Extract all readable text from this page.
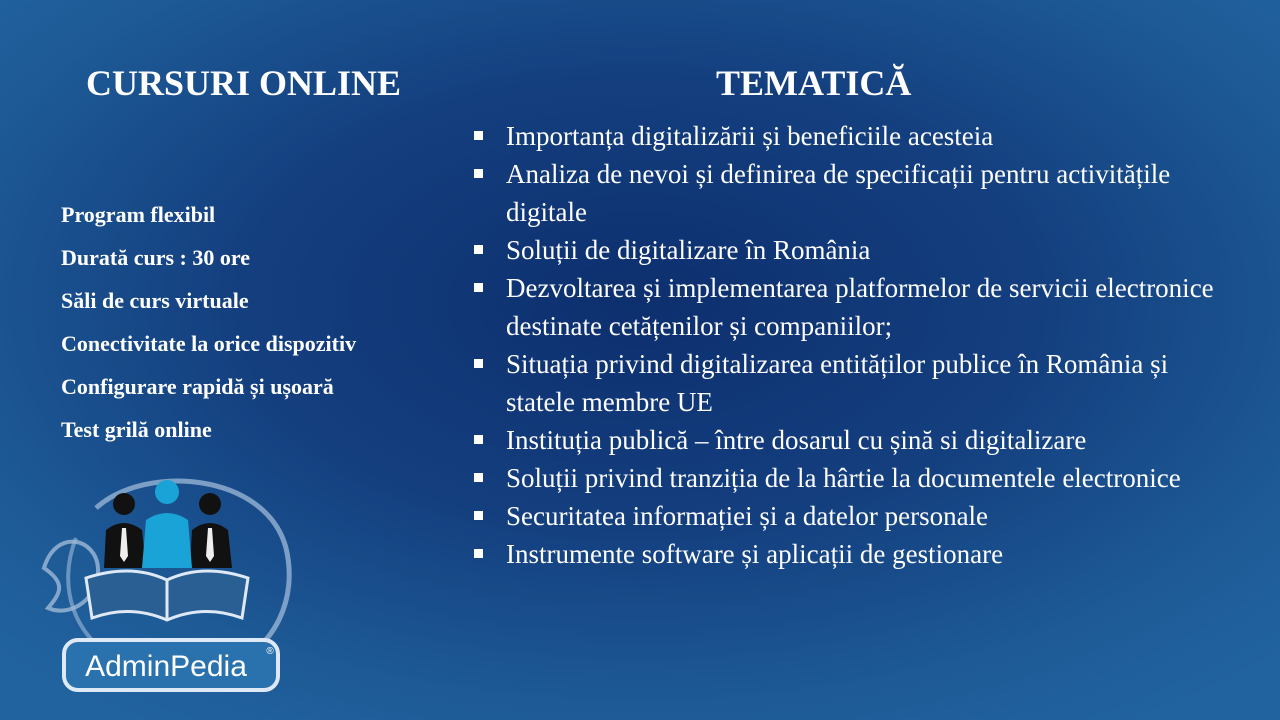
CURSURI ONLINE	TEMATICĂ
Program flexibil
Durată curs : 30 ore
Săli de curs virtuale
Conectivitate la orice dispozitiv
Configurare rapidă și ușoară
Test grilă online
Importanța digitalizării și beneficiile acesteia
Analiza de nevoi și definirea de specificații pentru activitățile digitale
Soluții de digitalizare în România
Dezvoltarea și implementarea platformelor de servicii electronice destinate cetățenilor și companiilor;
Situația privind digitalizarea entităților publice în România și statele membre UE
Instituția publică – între dosarul cu șină si digitalizare
Soluții privind tranziția de la hârtie la documentele electronice
Securitatea informației și a datelor personale
Instrumente software și aplicații de gestionare
AdminPedia ®
